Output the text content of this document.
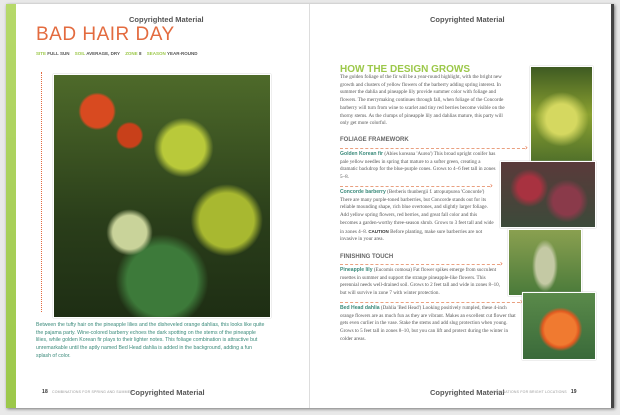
Copyrighted Material	Copyrighted Material
BAD HAIR DAY
SITE FULL SUN SOIL AVERAGE, DRY ZONE 8 SEASON YEAR-ROUND
Between the tufty hair on the pineapple lilies and the disheveled orange dahlias, this looks like quite the pajama party. Wine-colored barberry echoes the dark spotting on the stems of the pineapple lilies, while golden Korean fir plays to their lighter notes. This foliage combination is attractive but unremarkable until the aptly named Bed Head dahlia is added in the background, adding a fun splash of color.
18 COMBINATIONS FOR SPRING AND SUMMER
Copyrighted Material
HOW THE DESIGN GROWS
The golden foliage of the fir will be a year-round highlight, with the bright new growth and clusters of yellow flowers of the barberry adding spring interest. In summer the dahlia and pineapple lily provide summer color with foliage and flowers. The merrymaking continues through fall, when foliage of the Concorde barberry will turn from wine to scarlet and tiny red berries become visible on the thorny stems. As the clumps of pineapple lily and dahlias mature, this party will only get more colorful.
FOLIAGE FRAMEWORK
›
Golden Korean fir (Abies koreana 'Aurea') This broad upright conifer has pale yellow needles in spring that mature to a softer green, creating a dramatic backdrop for the blue-purple cones. Grows to 4–6 feet tall in zones 5–8.
›
Concorde barberry (Berberis thunbergii f. atropurpurea 'Concorde') There are many purple-toned barberries, but Concorde stands out for its reliable mounding shape, rich blue overtones, and slightly larger foliage. Add yellow spring flowers, red berries, and great fall color and this becomes a garden-worthy three-season shrub. Grows to 3 feet tall and wide in zones 4–8. CAUTION Before planting, make sure barberries are not invasive in your area.
FINISHING TOUCH
›
Pineapple lily (Eucomis comosa) Fat flower spikes emerge from succulent rosettes in summer and support the strange pineapple-like flowers. This perennial needs well-drained soil. Grows to 2 feet tall and wide in zones 8–10, but will survive in zone 7 with winter protection.
›
Bed Head dahlia (Dahlia 'Bed Head') Looking positively rumpled, these 4-inch orange flowers are as much fun as they are vibrant. Makes an excellent cut flower that gets even curlier in the vase. Stake the stems and add slug protection when young. Grows to 5 feet tall in zones 8–10, but you can lift and protect during the winter in colder areas.
Copyrighted Material
COMBINATIONS FOR BRIGHT LOCATIONS 19
